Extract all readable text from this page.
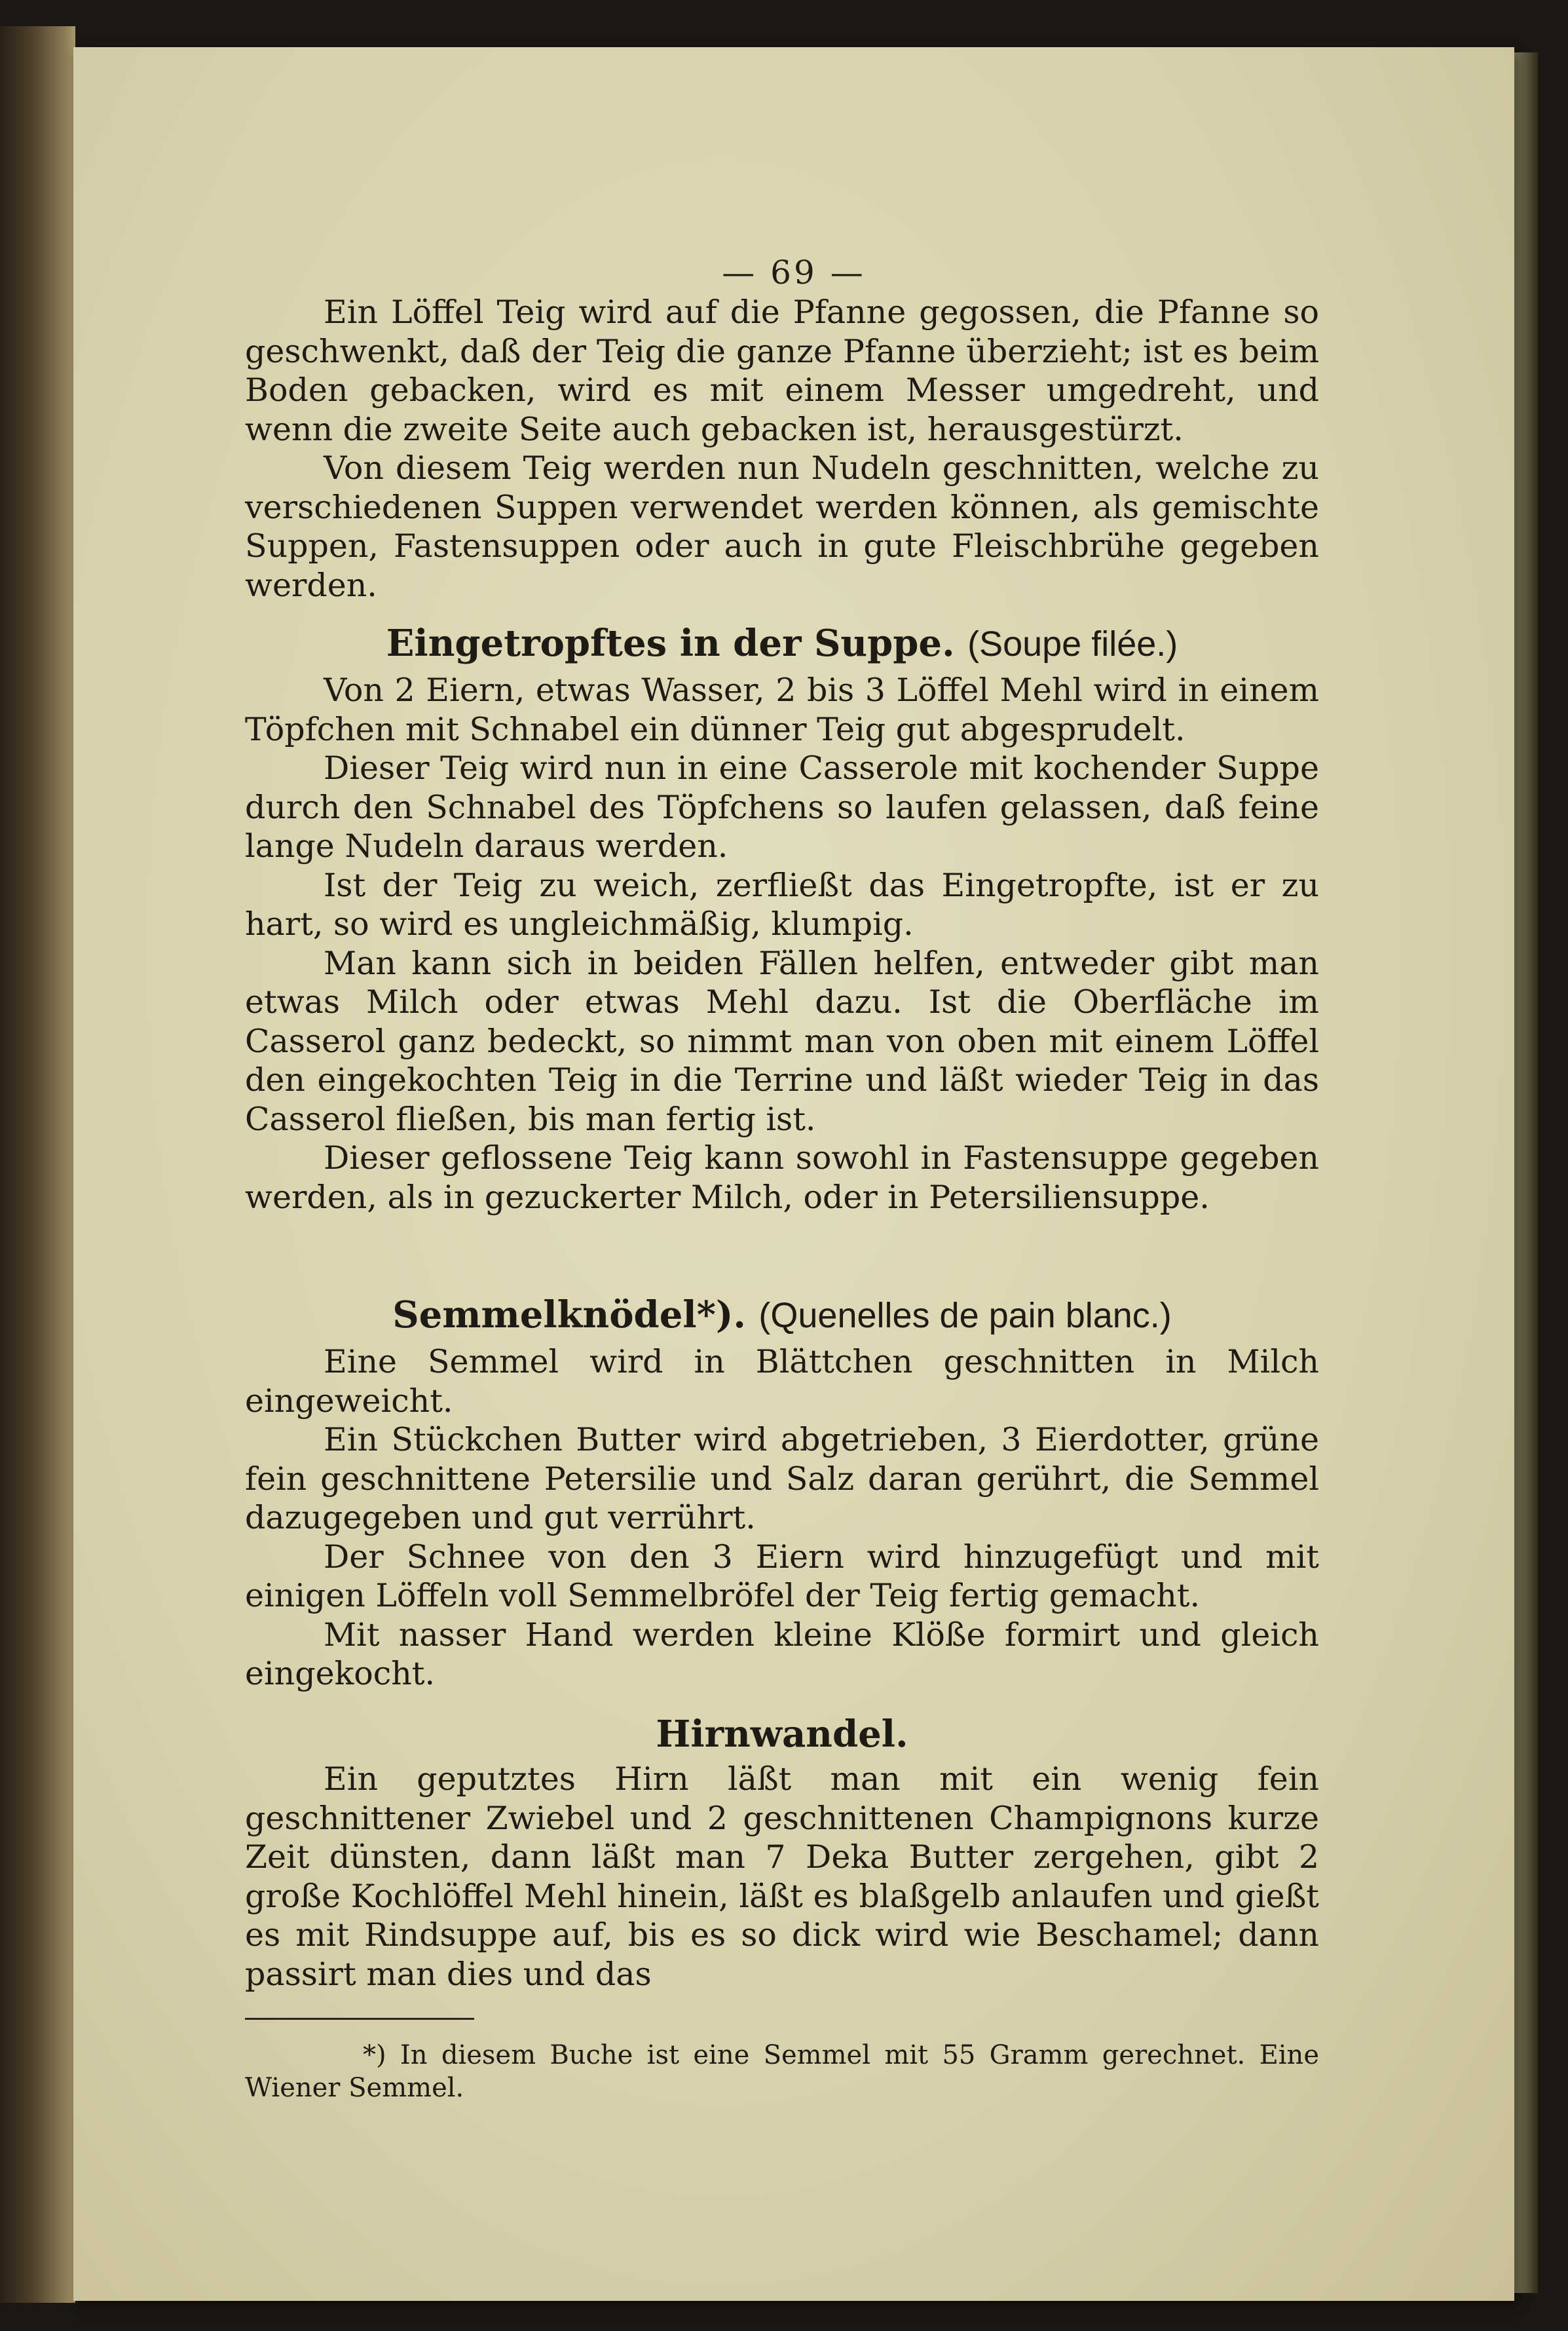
— 69 —

Ein Löffel Teig wird auf die Pfanne gegossen, die Pfanne so geschwenkt, daß der Teig die ganze Pfanne überzieht; ist es beim Boden gebacken, wird es mit einem Messer umgedreht, und wenn die zweite Seite auch gebacken ist, herausgestürzt.

Von diesem Teig werden nun Nudeln geschnitten, welche zu verschiedenen Suppen verwendet werden können, als gemischte Suppen, Fastensuppen oder auch in gute Fleischbrühe gegeben werden.

Eingetropftes in der Suppe. (Soupe filée.)

Von 2 Eiern, etwas Wasser, 2 bis 3 Löffel Mehl wird in einem Töpfchen mit Schnabel ein dünner Teig gut abgesprudelt.

Dieser Teig wird nun in eine Casserole mit kochender Suppe durch den Schnabel des Töpfchens so laufen gelassen, daß feine lange Nudeln daraus werden.

Ist der Teig zu weich, zerfließt das Eingetropfte, ist er zu hart, so wird es ungleichmäßig, klumpig.

Man kann sich in beiden Fällen helfen, entweder gibt man etwas Milch oder etwas Mehl dazu. Ist die Oberfläche im Casserol ganz bedeckt, so nimmt man von oben mit einem Löffel den eingekochten Teig in die Terrine und läßt wieder Teig in das Casserol fließen, bis man fertig ist.

Dieser geflossene Teig kann sowohl in Fastensuppe gegeben werden, als in gezuckerter Milch, oder in Petersiliensuppe.

Semmelknödel*). (Quenelles de pain blanc.)

Eine Semmel wird in Blättchen geschnitten in Milch eingeweicht.

Ein Stückchen Butter wird abgetrieben, 3 Eierdotter, grüne fein geschnittene Petersilie und Salz daran gerührt, die Semmel dazugegeben und gut verrührt.

Der Schnee von den 3 Eiern wird hinzugefügt und mit einigen Löffeln voll Semmelbröfel der Teig fertig gemacht.

Mit nasser Hand werden kleine Klöße formirt und gleich eingekocht.

Hirnwandel.

Ein geputztes Hirn läßt man mit ein wenig fein geschnittener Zwiebel und 2 geschnittenen Champignons kurze Zeit dünsten, dann läßt man 7 Deka Butter zergehen, gibt 2 große Kochlöffel Mehl hinein, läßt es blaßgelb anlaufen und gießt es mit Rindsuppe auf, bis es so dick wird wie Beschamel; dann passirt man dies und das

*) In diesem Buche ist eine Semmel mit 55 Gramm gerechnet. Eine Wiener Semmel.
